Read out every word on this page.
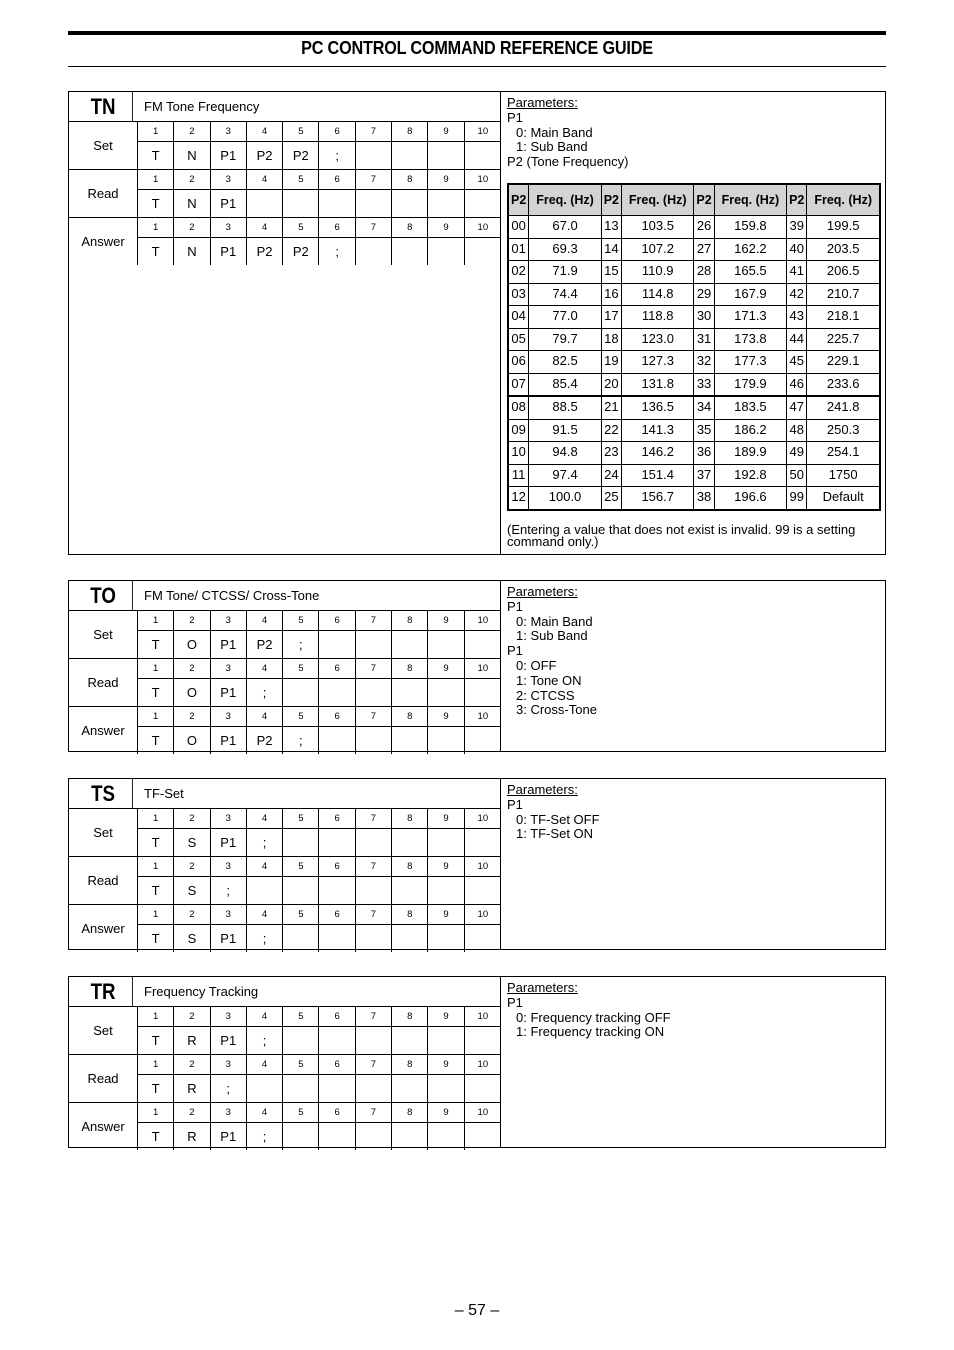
PC CONTROL COMMAND REFERENCE GUIDE
TN	FM Tone Frequency
Set
1	2	3	4	5	6	7	8	9	10
T	N	P1	P2	P2	;
Read
1	2	3	4	5	6	7	8	9	10
T	N	P1
Answer
1	2	3	4	5	6	7	8	9	10
T	N	P1	P2	P2	;
Parameters:
P1
0: Main Band
1: Sub Band
P2 (Tone Frequency)
P2	Freq. (Hz)	P2	Freq. (Hz)	P2	Freq. (Hz)	P2	Freq. (Hz)
00	67.0	13	103.5	26	159.8	39	199.5
01	69.3	14	107.2	27	162.2	40	203.5
02	71.9	15	110.9	28	165.5	41	206.5
03	74.4	16	114.8	29	167.9	42	210.7
04	77.0	17	118.8	30	171.3	43	218.1
05	79.7	18	123.0	31	173.8	44	225.7
06	82.5	19	127.3	32	177.3	45	229.1
07	85.4	20	131.8	33	179.9	46	233.6
08	88.5	21	136.5	34	183.5	47	241.8
09	91.5	22	141.3	35	186.2	48	250.3
10	94.8	23	146.2	36	189.9	49	254.1
11	97.4	24	151.4	37	192.8	50	1750
12	100.0	25	156.7	38	196.6	99	Default
(Entering a value that does not exist is invalid. 99 is a setting command only.)
TO	FM Tone/ CTCSS/ Cross-Tone
Set
1	2	3	4	5	6	7	8	9	10
T	O	P1	P2	;
Read
1	2	3	4	5	6	7	8	9	10
T	O	P1	;
Answer
1	2	3	4	5	6	7	8	9	10
T	O	P1	P2	;
Parameters:
P1
0: Main Band
1: Sub Band
P1
0: OFF
1: Tone ON
2: CTCSS
3: Cross-Tone
TS	TF-Set
Set
1	2	3	4	5	6	7	8	9	10
T	S	P1	;
Read
1	2	3	4	5	6	7	8	9	10
T	S	;
Answer
1	2	3	4	5	6	7	8	9	10
T	S	P1	;
Parameters:
P1
0: TF-Set OFF
1: TF-Set ON
TR	Frequency Tracking
Set
1	2	3	4	5	6	7	8	9	10
T	R	P1	;
Read
1	2	3	4	5	6	7	8	9	10
T	R	;
Answer
1	2	3	4	5	6	7	8	9	10
T	R	P1	;
Parameters:
P1
0: Frequency tracking OFF
1: Frequency tracking ON
– 57 –
